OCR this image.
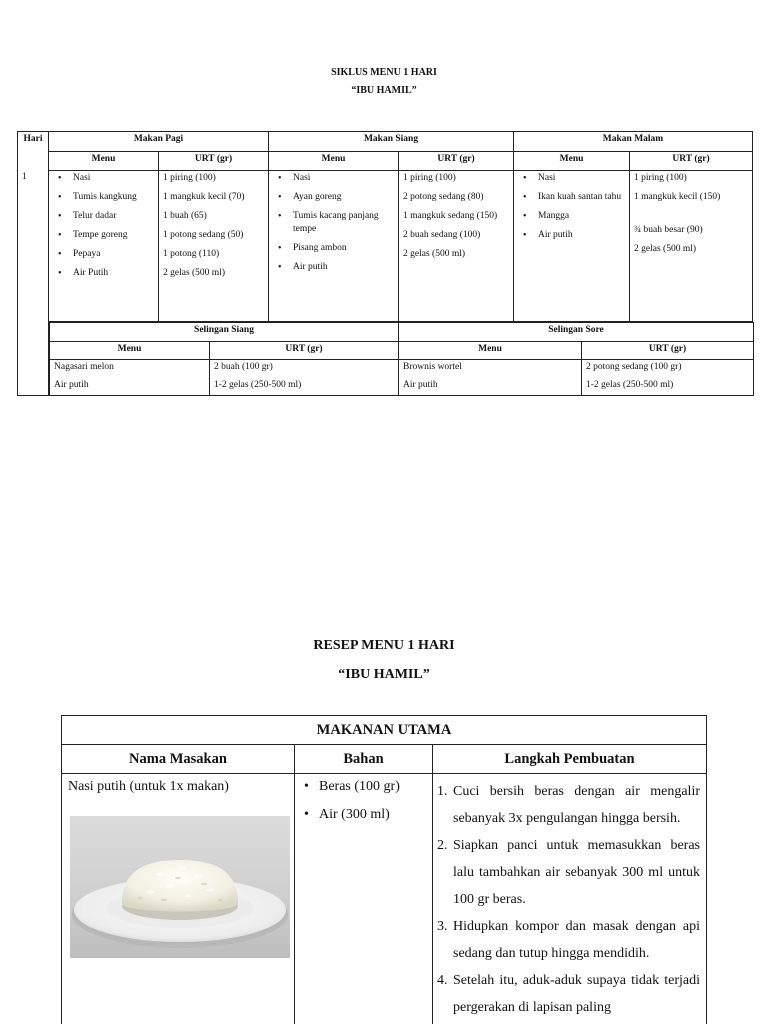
SIKLUS MENU 1 HARI
“IBU HAMIL”
Hari	Makan Pagi	Makan Siang	Makan Malam
Menu	URT (gr)	Menu	URT (gr)	Menu	URT (gr)

• Nasi
• Tumis kangkung
• Telur dadar
• Tempe goreng
• Pepaya
• Air Putih

1 piring (100)
1 mangkuk kecil (70)
1 buah (65)
1 potong sedang (50)
1 potong (110)
2 gelas (500 ml)

• Nasi
• Ayan goreng
• Tumis kacang panjang tempe
• Pisang ambon
• Air putih

1 piring (100)
2 potong sedang (80)
1 mangkuk sedang (150)
2 buah sedang (100)
2 gelas (500 ml)

• Nasi
• Ikan kuah santan tahu
• Mangga
• Air putih

1 piring (100)
1 mangkuk kecil (150)
¾ buah besar (90)
2 gelas (500 ml)

Selingan Siang	Selingan Sore
Menu	URT (gr)	Menu	URT (gr)

Nagasari melon
Air putih

2 buah (100 gr)
1-2 gelas (250-500 ml)

Brownis wortel
Air putih

2 potong sedang (100 gr)
1-2 gelas (250-500 ml)
1
RESEP MENU 1 HARI
“IBU HAMIL”
MAKANAN UTAMA
Nama Masakan	Bahan	Langkah Pembuatan
Nasi putih (untuk 1x makan)
•	Beras (100 gr)
• Air (300 ml)
1. Cuci bersih beras dengan air mengalir sebanyak 3x pengulangan hingga bersih.
2. Siapkan panci untuk memasukkan beras lalu tambahkan air sebanyak 300 ml untuk 100 gr beras.
3. Hidupkan kompor dan masak dengan api sedang dan tutup hingga mendidih.
4. Setelah itu, aduk-aduk supaya tidak terjadi pergerakan di lapisan paling
